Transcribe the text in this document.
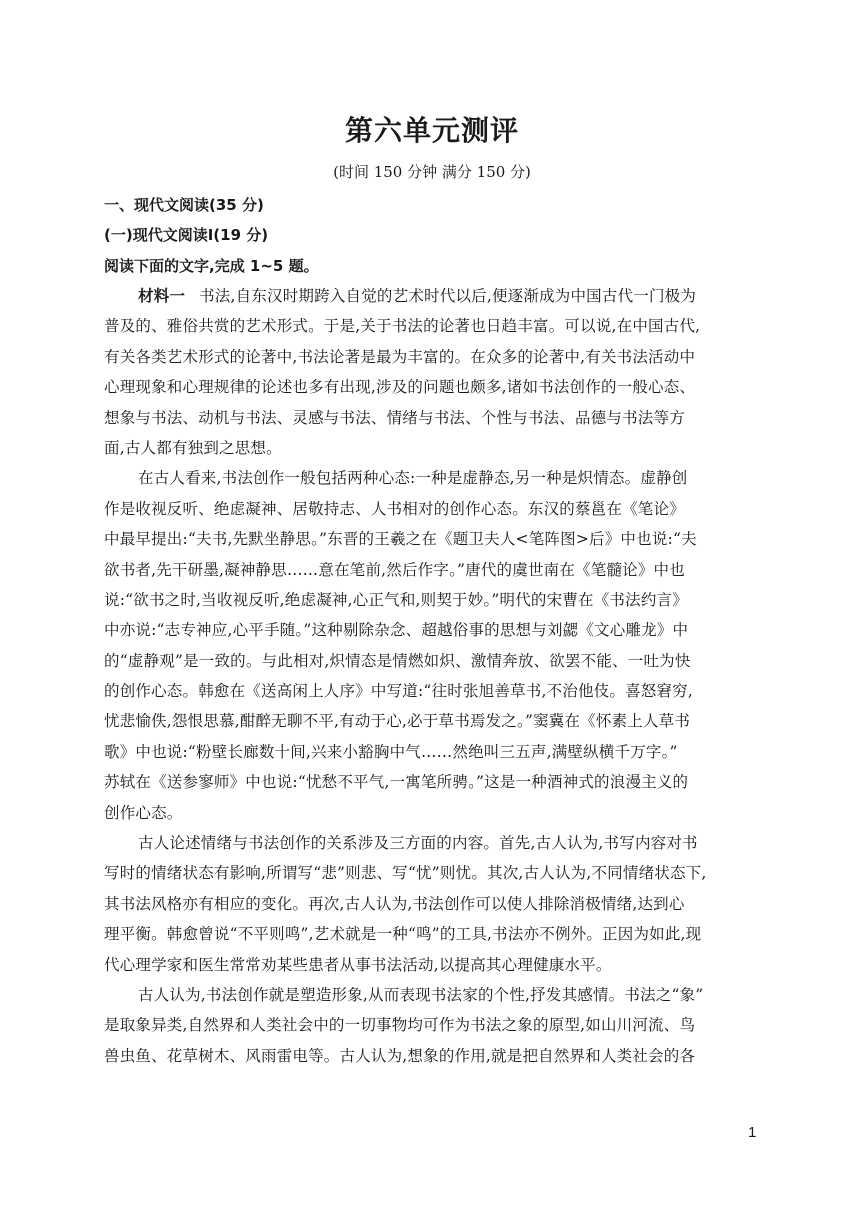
第六单元测评
(时间 150 分钟 满分 150 分)
一、现代文阅读(35 分)
(一)现代文阅读Ⅰ(19 分)
阅读下面的文字,完成 1~5 题。
材料一 书法,自东汉时期跨入自觉的艺术时代以后,便逐渐成为中国古代一门极为
普及的、雅俗共赏的艺术形式。于是,关于书法的论著也日趋丰富。可以说,在中国古代,
有关各类艺术形式的论著中,书法论著是最为丰富的。在众多的论著中,有关书法活动中
心理现象和心理规律的论述也多有出现,涉及的问题也颇多,诸如书法创作的一般心态、
想象与书法、动机与书法、灵感与书法、情绪与书法、个性与书法、品德与书法等方
面,古人都有独到之思想。
在古人看来,书法创作一般包括两种心态:一种是虚静态,另一种是炽情态。虚静创
作是收视反听、绝虑凝神、居敬持志、人书相对的创作心态。东汉的蔡邕在《笔论》
中最早提出:“夫书,先默坐静思。”东晋的王羲之在《题卫夫人<笔阵图>后》中也说:“夫
欲书者,先干研墨,凝神静思……意在笔前,然后作字。”唐代的虞世南在《笔髓论》中也
说:“欲书之时,当收视反听,绝虑凝神,心正气和,则契于妙。”明代的宋曹在《书法约言》
中亦说:“志专神应,心平手随。”这种剔除杂念、超越俗事的思想与刘勰《文心雕龙》中
的“虚静观”是一致的。与此相对,炽情态是情燃如炽、激情奔放、欲罢不能、一吐为快
的创作心态。韩愈在《送高闲上人序》中写道:“往时张旭善草书,不治他伎。喜怒窘穷,
忧悲愉佚,怨恨思慕,酣醉无聊不平,有动于心,必于草书焉发之。”窦冀在《怀素上人草书
歌》中也说:“粉壁长廊数十间,兴来小豁胸中气……然绝叫三五声,满壁纵横千万字。”
苏轼在《送参寥师》中也说:“忧愁不平气,一寓笔所骋。”这是一种酒神式的浪漫主义的
创作心态。
古人论述情绪与书法创作的关系涉及三方面的内容。首先,古人认为,书写内容对书
写时的情绪状态有影响,所谓写“悲”则悲、写“忧”则忧。其次,古人认为,不同情绪状态下,
其书法风格亦有相应的变化。再次,古人认为,书法创作可以使人排除消极情绪,达到心
理平衡。韩愈曾说“不平则鸣”,艺术就是一种“鸣”的工具,书法亦不例外。正因为如此,现
代心理学家和医生常常劝某些患者从事书法活动,以提高其心理健康水平。
古人认为,书法创作就是塑造形象,从而表现书法家的个性,抒发其感情。书法之“象”
是取象异类,自然界和人类社会中的一切事物均可作为书法之象的原型,如山川河流、鸟
兽虫鱼、花草树木、风雨雷电等。古人认为,想象的作用,就是把自然界和人类社会的各
1
